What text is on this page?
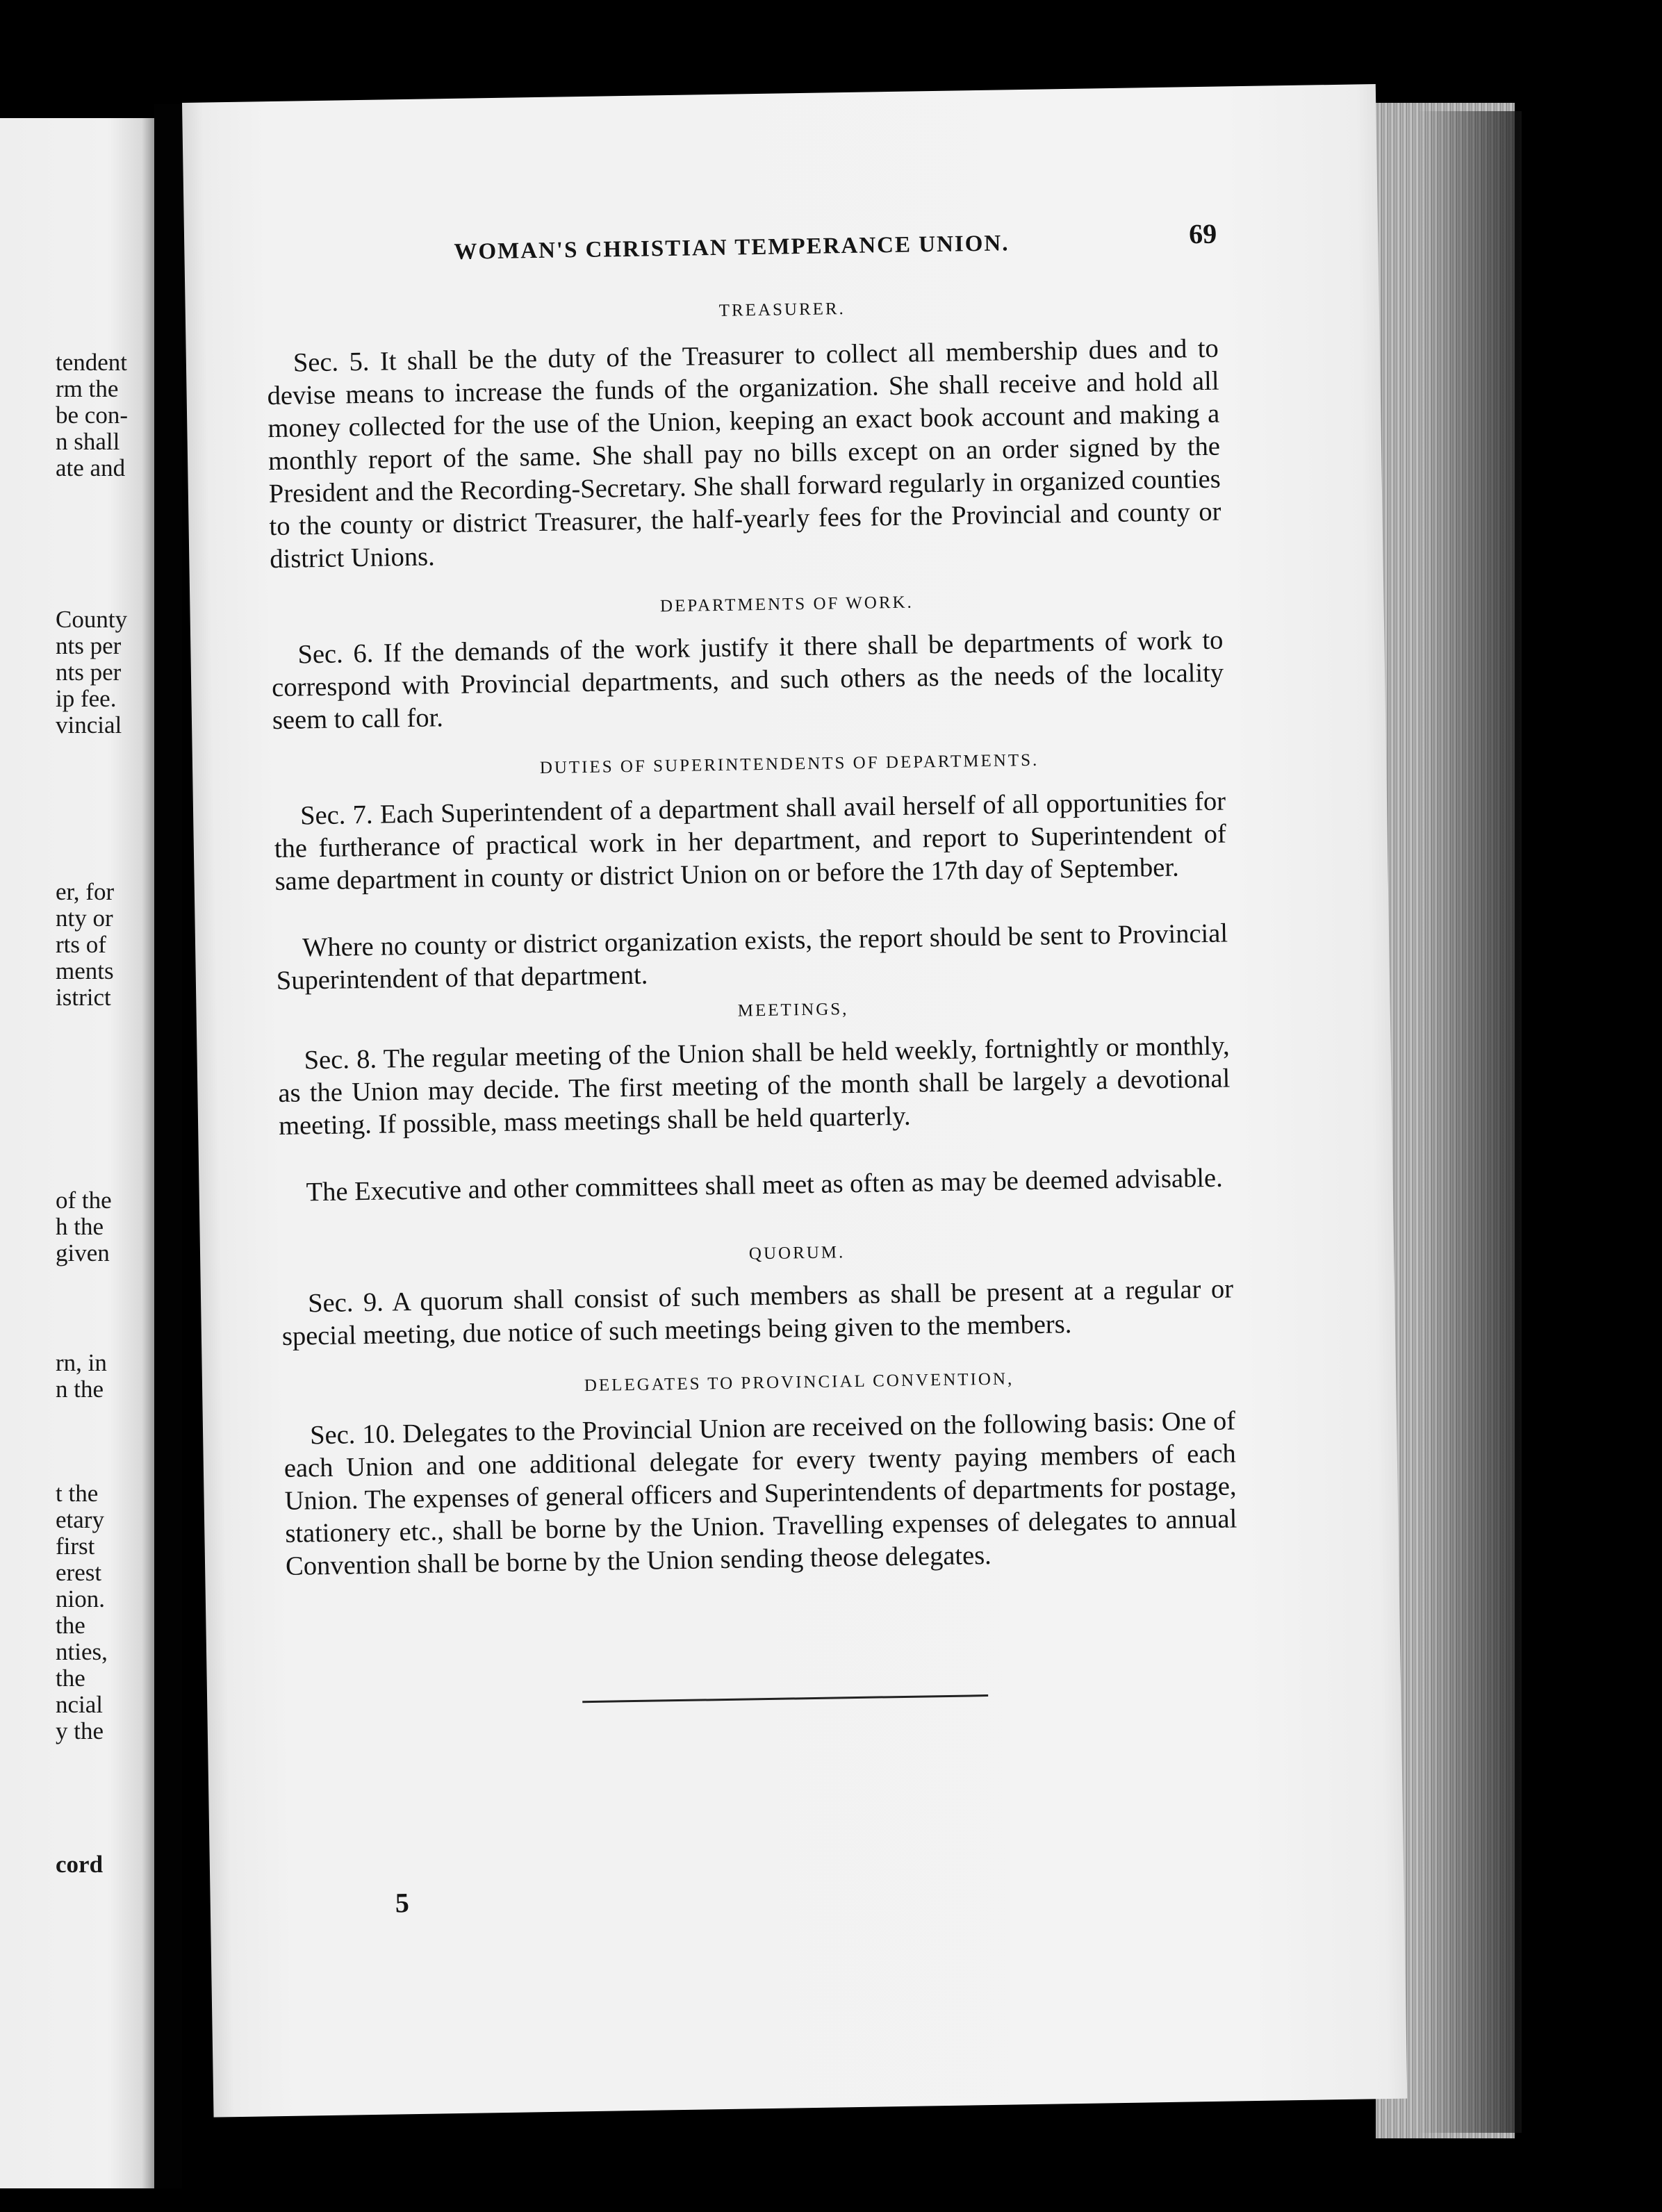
tendent
rm the
be con-
n shall
ate and
County
nts per
nts per
ip fee.
vincial
er, for
nty or
rts of
ments
istrict
of the
h the
given
rn, in
n the
t the
etary
first
erest
nion.
the
nties,
the
ncial
y the
cord
WOMAN'S CHRISTIAN TEMPERANCE UNION.	69
TREASURER.
Sec. 5. It shall be the duty of the Treasurer to collect all membership dues and to devise means to increase the funds of the organization. She shall receive and hold all money collected for the use of the Union, keeping an exact book account and making a monthly report of the same. She shall pay no bills except on an order signed by the President and the Recording-Secretary. She shall forward regularly in organized counties to the county or district Treasurer, the half-yearly fees for the Provincial and county or district Unions.
DEPARTMENTS OF WORK.
Sec. 6. If the demands of the work justify it there shall be departments of work to correspond with Provincial departments, and such others as the needs of the locality seem to call for.
DUTIES OF SUPERINTENDENTS OF DEPARTMENTS.
Sec. 7. Each Superintendent of a department shall avail herself of all opportunities for the furtherance of practical work in her department, and report to Superintendent of same department in county or district Union on or before the 17th day of September.
Where no county or district organization exists, the report should be sent to Provincial Superintendent of that department.
MEETINGS,
Sec. 8. The regular meeting of the Union shall be held weekly, fortnightly or monthly, as the Union may decide. The first meeting of the month shall be largely a devotional meeting. If possible, mass meetings shall be held quarterly.
The Executive and other committees shall meet as often as may be deemed advisable.
QUORUM.
Sec. 9. A quorum shall consist of such members as shall be present at a regular or special meeting, due notice of such meetings being given to the members.
DELEGATES TO PROVINCIAL CONVENTION,
Sec. 10. Delegates to the Provincial Union are received on the following basis: One of each Union and one additional delegate for every twenty paying members of each Union. The expenses of general officers and Superintendents of departments for postage, stationery etc., shall be borne by the Union. Travelling expenses of delegates to annual Convention shall be borne by the Union sending theose delegates.
5
